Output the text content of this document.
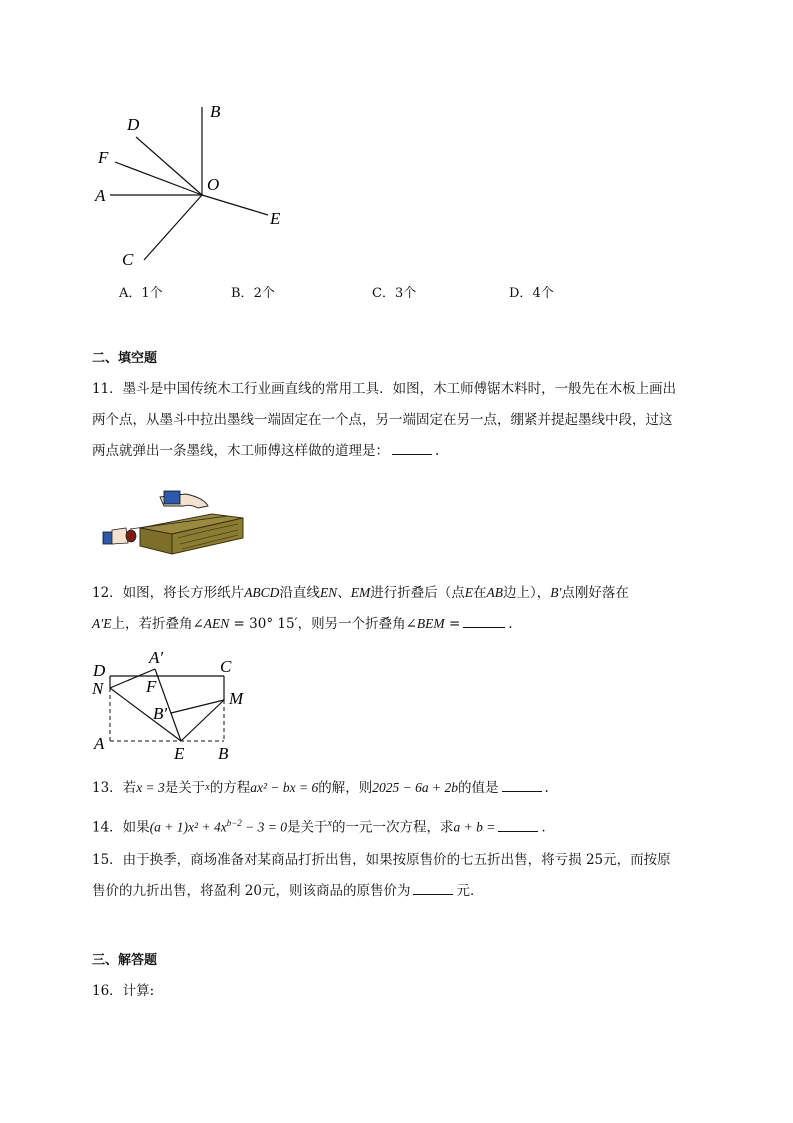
B
D
F
A
O
E
C
A．1个	B．2个	C．3个	D．4个
二、填空题
11．墨斗是中国传统木工行业画直线的常用工具．如图，木工师傅锯木料时，一般先在木板上画出
两个点，从墨斗中拉出墨线一端固定在一个点，另一端固定在另一点，绷紧并提起墨线中段，过这
两点就弹出一条墨线，木工师傅这样做的道理是：	.
12．如图，将长方形纸片ABCD沿直线EN、EM进行折叠后（点E在AB边上），B′点刚好落在
A′E上，若折叠角∠AEN = 30° 15′，则另一个折叠角∠BEM =	.
D
A′	C
N	F
M
B′
A
E B
13．若x = 3是关于$^x$的方程ax² − bx = 6的解，则2025 − 6a + 2b的值是	.
14．如果$(a + 1)x^2 + 4x^{b-2} - 3 = 0$是关于$^x$的一元一次方程，求a + b =	.
15．由于换季，商场准备对某商品打折出售，如果按原售价的七五折出售，将亏损 25元，而按原
售价的九折出售，将盈利 20元，则该商品的原售价为	元．
三、解答题
16．计算:
